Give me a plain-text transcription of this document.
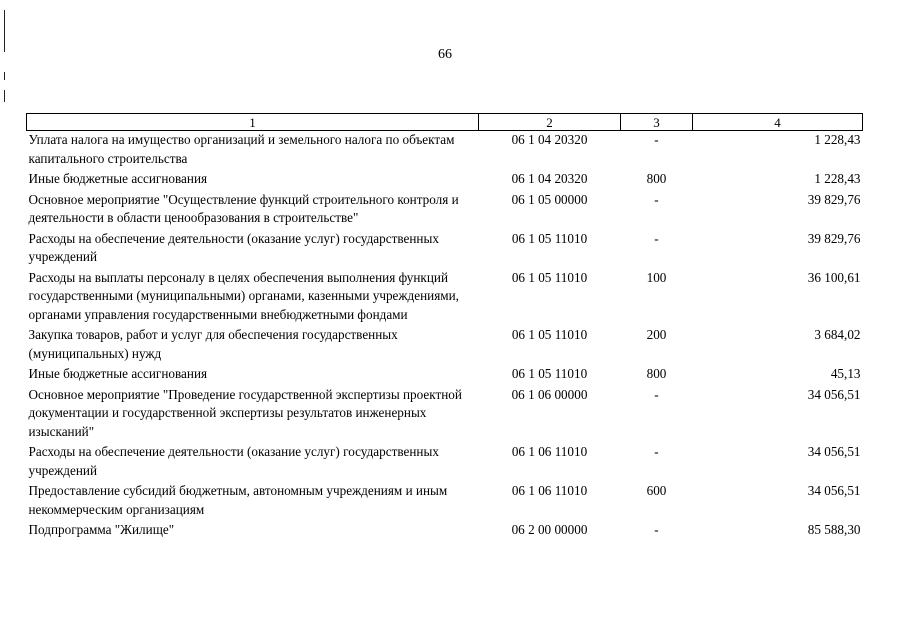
66
1	2	3	4
Уплата налога на имущество организаций и земельного налога по объектам капитального строительства	06 1 04 20320	-	1 228,43
Иные бюджетные ассигнования	06 1 04 20320	800	1 228,43
Основное мероприятие "Осуществление функций строительного контроля и деятельности в области ценообразования в строительстве"	06 1 05 00000	-	39 829,76
Расходы на обеспечение деятельности (оказание услуг) государственных учреждений	06 1 05 11010	-	39 829,76
Расходы на выплаты персоналу в целях обеспечения выполнения функций государственными (муниципальными) органами, казенными учреждениями, органами управления государственными внебюджетными фондами	06 1 05 11010	100	36 100,61
Закупка товаров, работ и услуг для обеспечения государственных (муниципальных) нужд	06 1 05 11010	200	3 684,02
Иные бюджетные ассигнования	06 1 05 11010	800	45,13
Основное мероприятие "Проведение государственной экспертизы проектной документации и государственной экспертизы результатов инженерных изысканий"	06 1 06 00000	-	34 056,51
Расходы на обеспечение деятельности (оказание услуг) государственных учреждений	06 1 06 11010	-	34 056,51
Предоставление субсидий бюджетным, автономным учреждениям и иным некоммерческим организациям	06 1 06 11010	600	34 056,51
Подпрограмма "Жилище"	06 2 00 00000	-	85 588,30
